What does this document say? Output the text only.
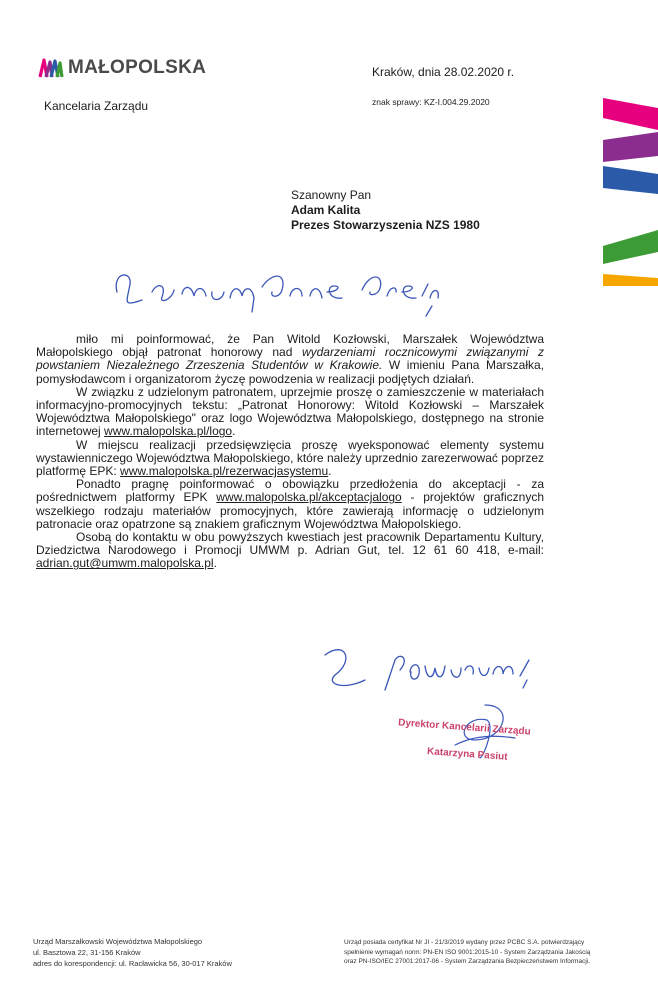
MAŁOPOLSKA
Kancelaria Zarządu
Kraków, dnia 28.02.2020 r.
znak sprawy: KZ-I.004.29.2020
Szanowny Pan
Adam Kalita
Prezes Stowarzyszenia NZS 1980

miło mi poinformować, że Pan Witold Kozłowski, Marszałek Województwa Małopolskiego objął patronat honorowy nad wydarzeniami rocznicowymi związanymi z powstaniem Niezależnego Zrzeszenia Studentów w Krakowie. W imieniu Pana Marszałka, pomysłodawcom i organizatorom życzę powodzenia w realizacji podjętych działań.

W związku z udzielonym patronatem, uprzejmie proszę o zamieszczenie w materiałach informacyjno-promocyjnych tekstu: „Patronat Honorowy: Witold Kozłowski – Marszałek Województwa Małopolskiego" oraz logo Województwa Małopolskiego, dostępnego na stronie internetowej www.malopolska.pl/logo.

W miejscu realizacji przedsięwzięcia proszę wyeksponować elementy systemu wystawienniczego Województwa Małopolskiego, które należy uprzednio zarezerwować poprzez platformę EPK: www.malopolska.pl/rezerwacjasystemu.

Ponadto pragnę poinformować o obowiązku przedłożenia do akceptacji - za pośrednictwem platformy EPK www.malopolska.pl/akceptacjalogo - projektów graficznych wszelkiego rodzaju materiałów promocyjnych, które zawierają informację o udzielonym patronacie oraz opatrzone są znakiem graficznym Województwa Małopolskiego.

Osobą do kontaktu w obu powyższych kwestiach jest pracownik Departamentu Kultury, Dziedzictwa Narodowego i Promocji UMWM p. Adrian Gut, tel. 12 61 60 418, e-mail: adrian.gut@umwm.malopolska.pl.

Dyrektor Kancelarii Zarządu
Katarzyna Pasiut
Urząd Marszałkowski Województwa Małopolskiego
ul. Basztowa 22, 31-156 Kraków
adres do korespondencji: ul. Racławicka 56, 30-017 Kraków
Urząd posiada certyfikat Nr JI - 21/3/2019 wydany przez PCBC S.A. potwierdzający
spełnienie wymagań norm: PN-EN ISO 9001:2015-10 - System Zarządzania Jakością
oraz PN-ISO/IEC 27001:2017-06 - System Zarządzania Bezpieczeństwem Informacji.
